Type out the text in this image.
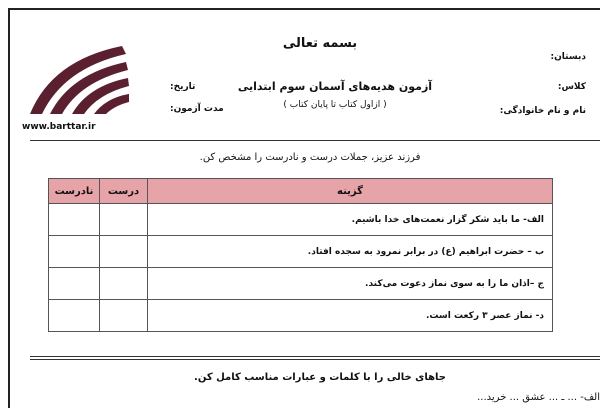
بسمه تعالی
دبستان:
کلاس:
نام و نام خانوادگی:
آزمون هدیه‌های آسمان سوم ابتدایی
( ازاول کتاب تا پایان کتاب )
تاریخ:
مدت آزمون:
www.barttar.ir
فرزند عزیز، جملات درست و نادرست را مشخص کن.
گزینه	درست	نادرست
الف- ما باید شکر گزار نعمت‌های خدا باشیم.		
ب – حضرت ابراهیم (ع) در برابر نمرود به سجده افتاد.		
ج –اذان ما را به سوی نماز دعوت می‌کند.		
د- نماز عصر ۳ رکعت است.		
جاهای خالی را با کلمات و عبارات مناسب کامل کن.
الف- ... ـ ... عشق ... خرید...
